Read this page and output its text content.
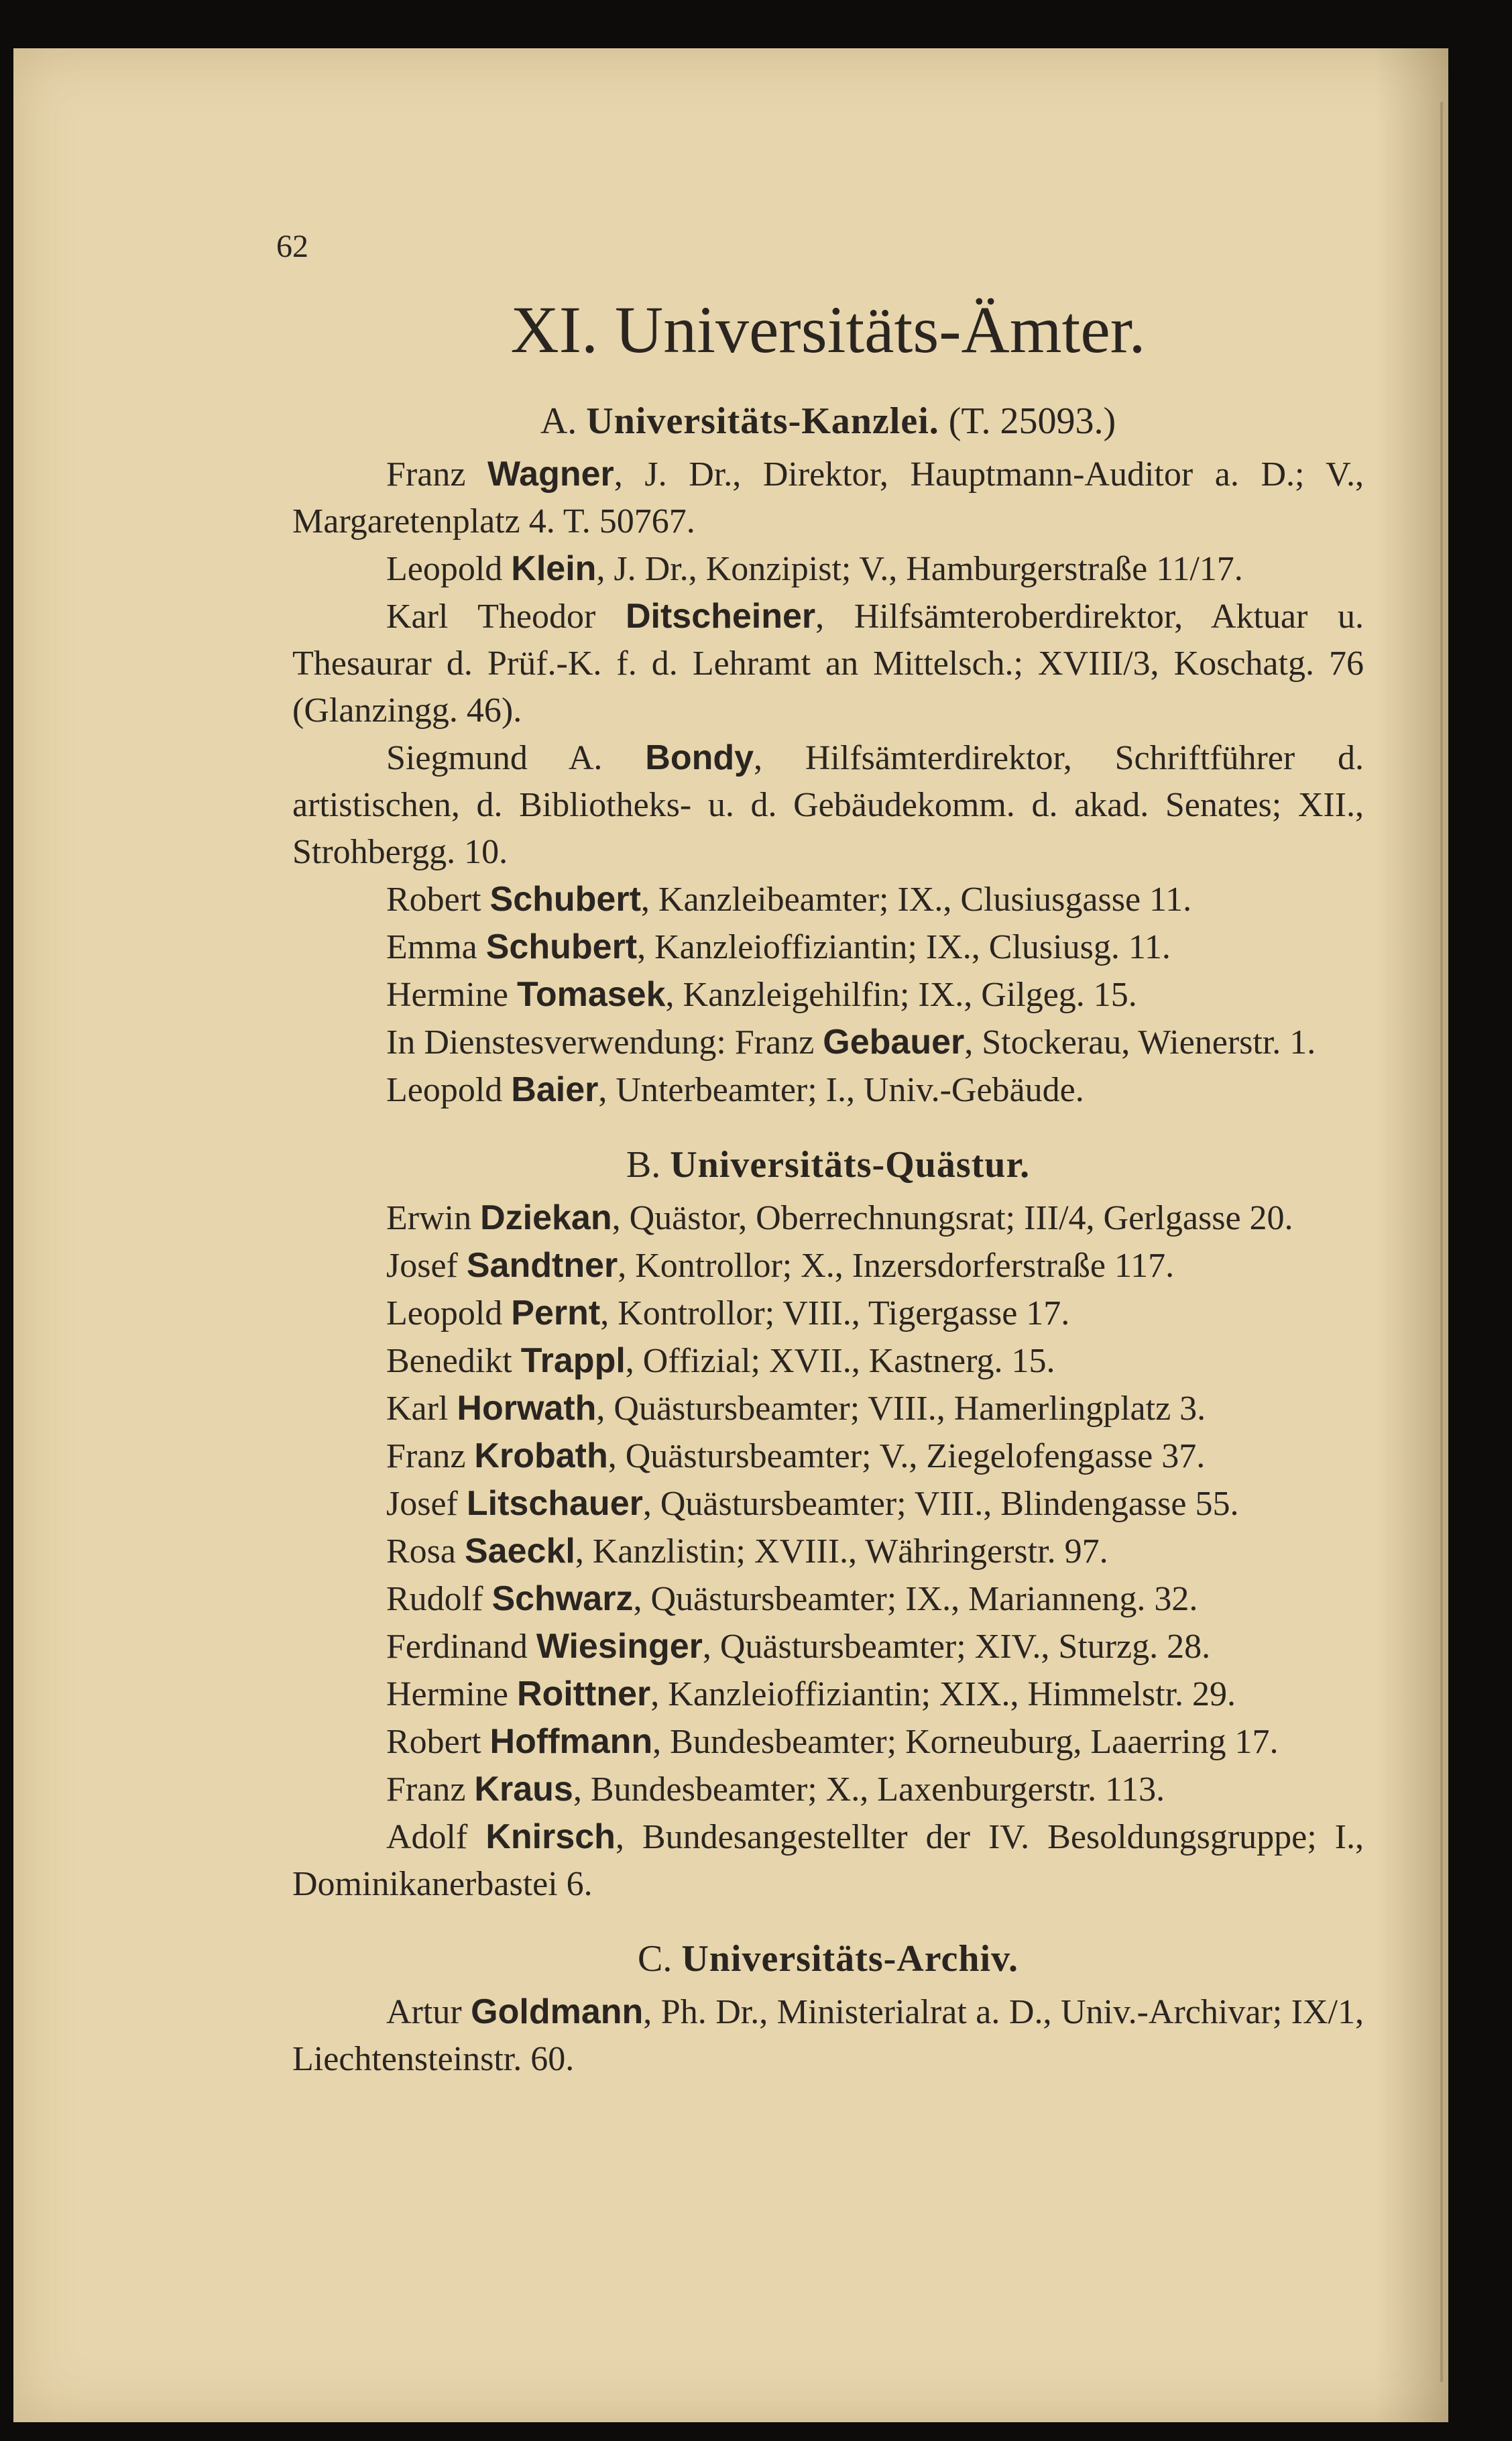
62
XI. Universitäts-Ämter.
A. Universitäts-Kanzlei. (T. 25093.)

Franz Wagner, J. Dr., Direktor, Hauptmann-Auditor a. D.; V., Margaretenplatz 4. T. 50767.

Leopold Klein, J. Dr., Konzipist; V., Hamburgerstraße 11/17.

Karl Theodor Ditscheiner, Hilfsämteroberdirektor, Aktuar u. Thesaurar d. Prüf.-K. f. d. Lehramt an Mittelsch.; XVIII/3, Koschatg. 76 (Glanzingg. 46).

Siegmund A. Bondy, Hilfsämterdirektor, Schriftführer d. artistischen, d. Bibliotheks- u. d. Gebäudekomm. d. akad. Senates; XII., Strohbergg. 10.

Robert Schubert, Kanzleibeamter; IX., Clusiusgasse 11.

Emma Schubert, Kanzleioffiziantin; IX., Clusiusg. 11.

Hermine Tomasek, Kanzleigehilfin; IX., Gilgeg. 15.

In Dienstesverwendung: Franz Gebauer, Stockerau, Wienerstr. 1.

Leopold Baier, Unterbeamter; I., Univ.-Gebäude.

B. Universitäts-Quästur.

Erwin Dziekan, Quästor, Oberrechnungsrat; III/4, Gerlgasse 20.

Josef Sandtner, Kontrollor; X., Inzersdorferstraße 117.

Leopold Pernt, Kontrollor; VIII., Tigergasse 17.

Benedikt Trappl, Offizial; XVII., Kastnerg. 15.

Karl Horwath, Quästursbeamter; VIII., Hamerlingplatz 3.

Franz Krobath, Quästursbeamter; V., Ziegelofengasse 37.

Josef Litschauer, Quästursbeamter; VIII., Blindengasse 55.

Rosa Saeckl, Kanzlistin; XVIII., Währingerstr. 97.

Rudolf Schwarz, Quästursbeamter; IX., Marianneng. 32.

Ferdinand Wiesinger, Quästursbeamter; XIV., Sturzg. 28.

Hermine Roittner, Kanzleioffiziantin; XIX., Himmelstr. 29.

Robert Hoffmann, Bundesbeamter; Korneuburg, Laaerring 17.

Franz Kraus, Bundesbeamter; X., Laxenburgerstr. 113.

Adolf Knirsch, Bundesangestellter der IV. Besoldungsgruppe; I., Dominikanerbastei 6.

C. Universitäts-Archiv.

Artur Goldmann, Ph. Dr., Ministerialrat a. D., Univ.-Archivar; IX/1, Liechtensteinstr. 60.
